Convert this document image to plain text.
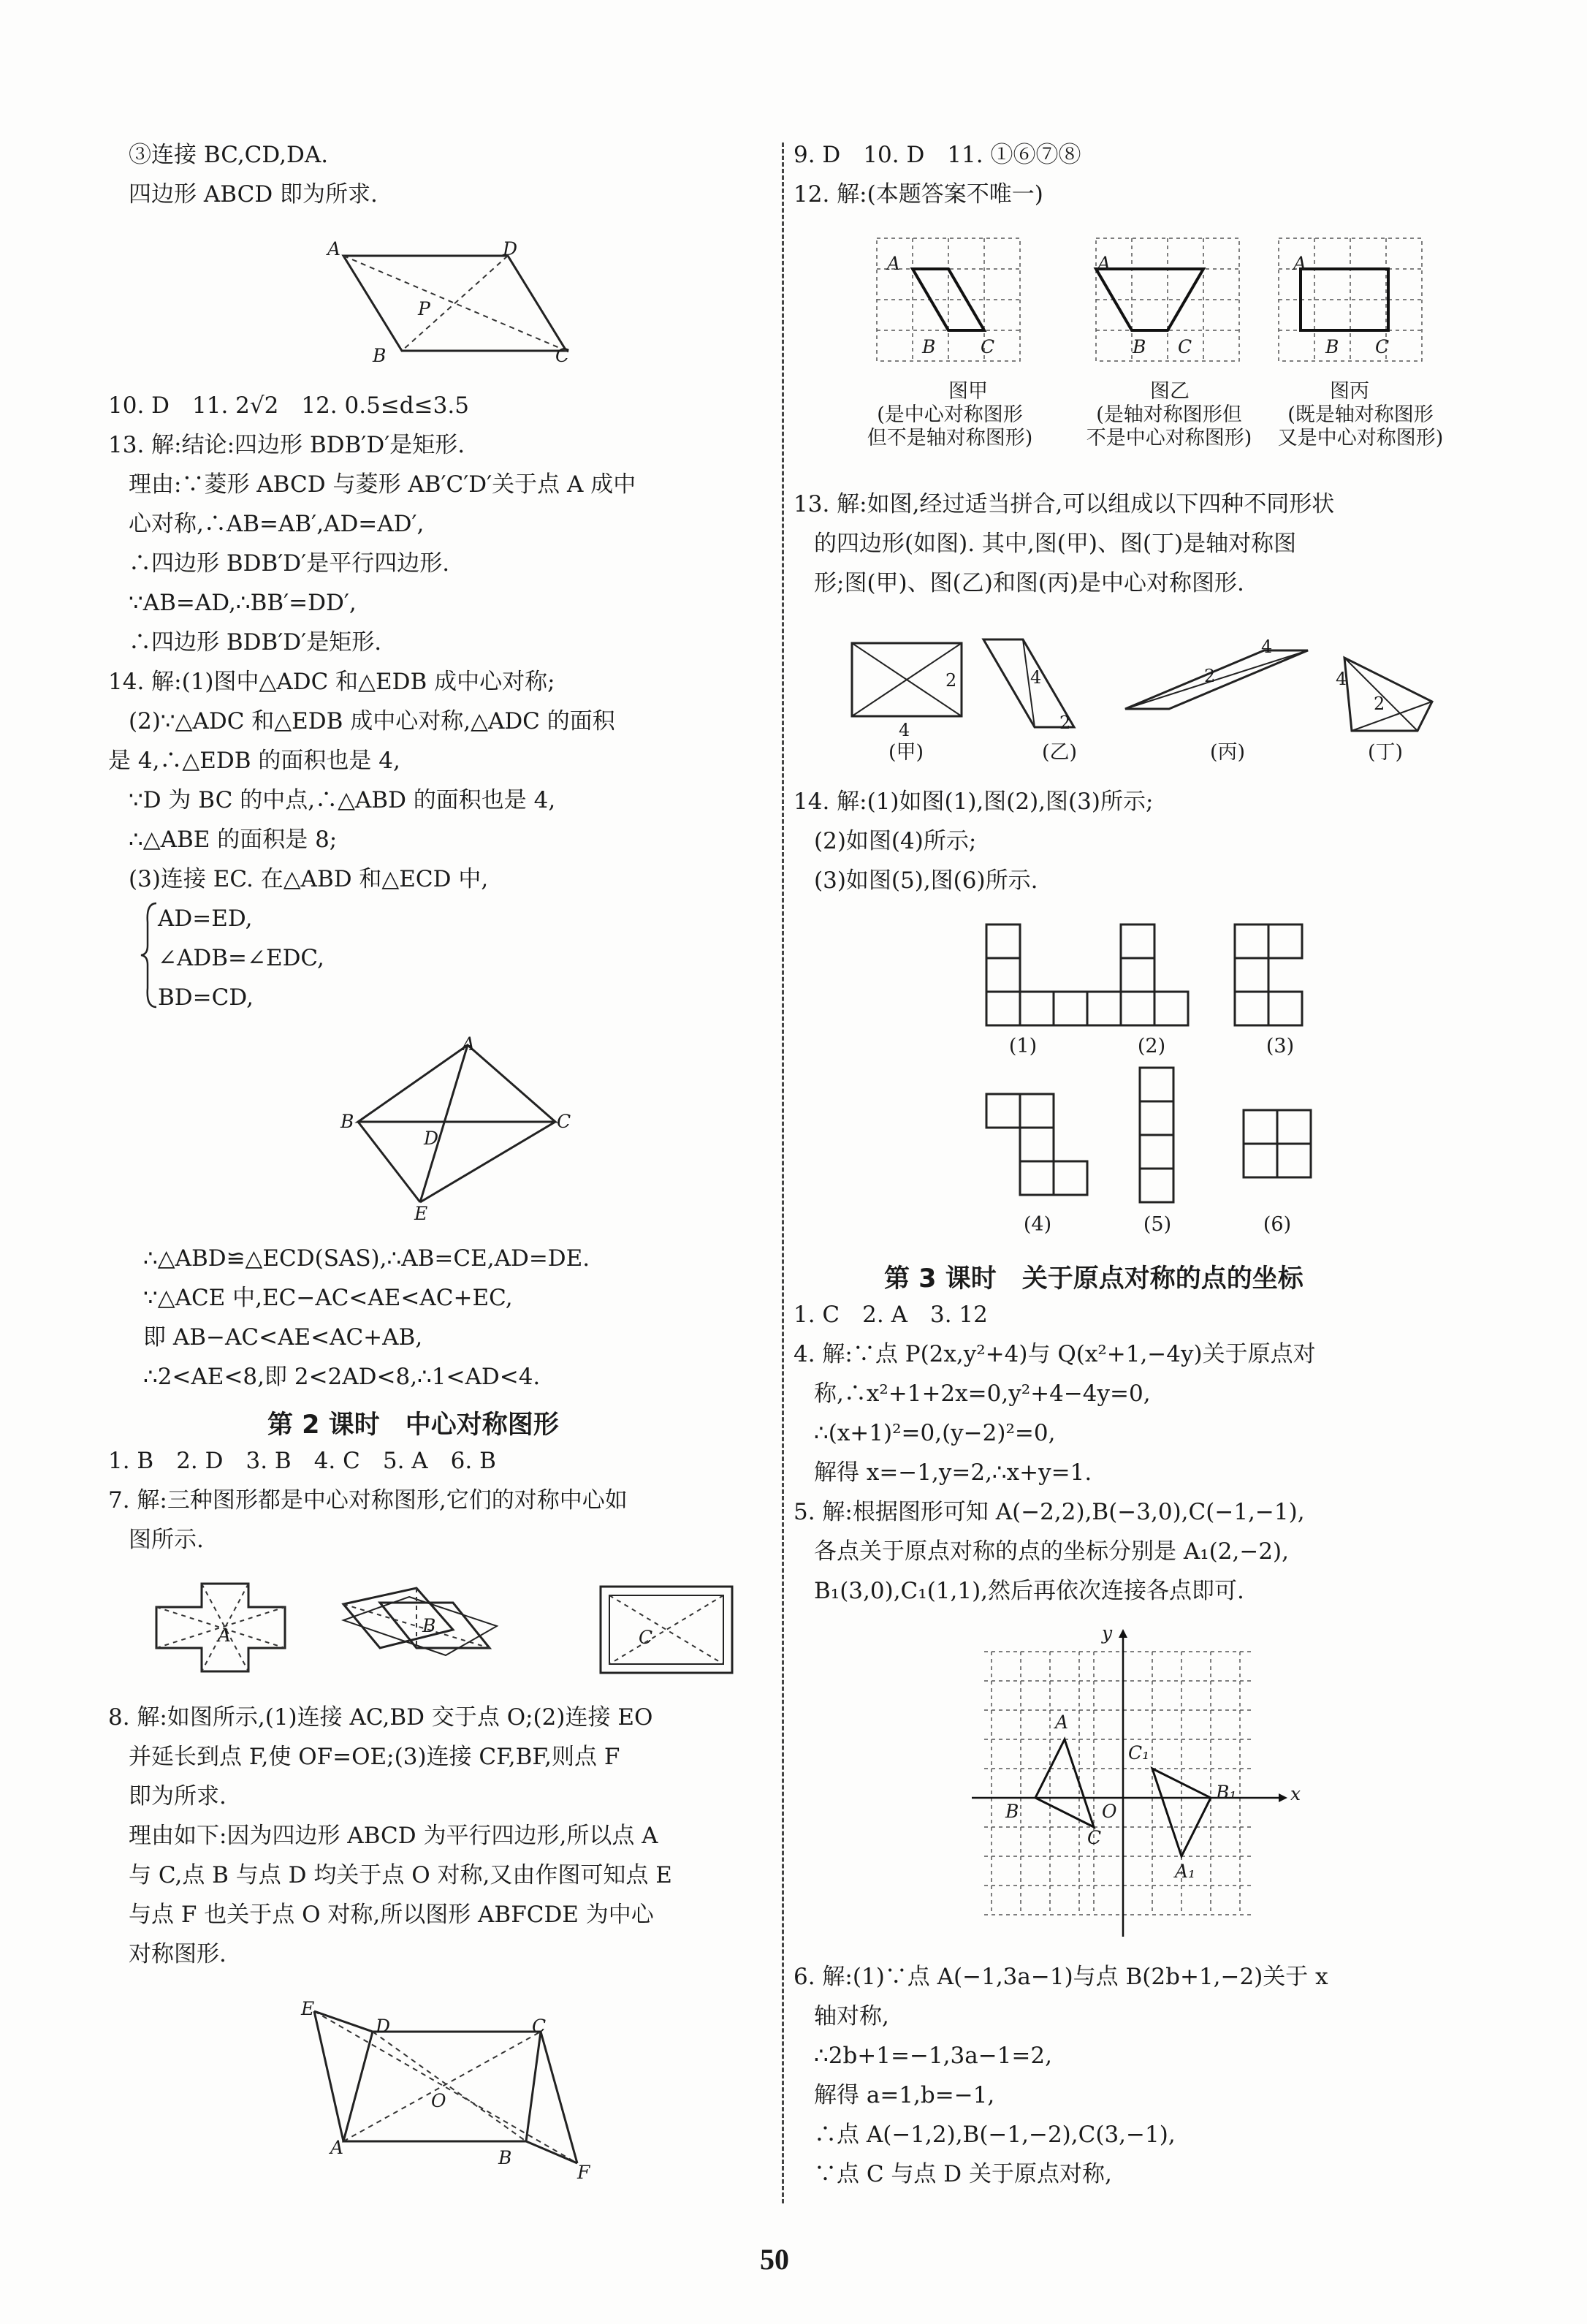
③连接 BC,CD,DA.
四边形 ABCD 即为所求.
A	D
B	C
P
10. D　11. 2√2　12. 0.5≤d≤3.5
13. 解:结论:四边形 BDB′D′是矩形.
理由:∵菱形 ABCD 与菱形 AB′C′D′关于点 A 成中
心对称,∴AB=AB′,AD=AD′,
∴四边形 BDB′D′是平行四边形.
∵AB=AD,∴BB′=DD′,
∴四边形 BDB′D′是矩形.
14. 解:(1)图中△ADC 和△EDB 成中心对称;
(2)∵△ADC 和△EDB 成中心对称,△ADC 的面积
是 4,∴△EDB 的面积也是 4,
∵D 为 BC 的中点,∴△ABD 的面积也是 4,
∴△ABE 的面积是 8;
(3)连接 EC. 在△ABD 和△ECD 中,
AD=ED,
∠ADB=∠EDC,
BD=CD,
A
B	C
D
E
∴△ABD≌△ECD(SAS),∴AB=CE,AD=DE.
∵△ACE 中,EC−AC<AE<AC+EC,
即 AB−AC<AE<AC+AB,
∴2<AE<8,即 2<2AD<8,∴1<AD<4.
第 2 课时　中心对称图形
1. B　2. D　3. B　4. C　5. A　6. B
7. 解:三种图形都是中心对称图形,它们的对称中心如
图所示.
A	B
C
8. 解:如图所示,(1)连接 AC,BD 交于点 O;(2)连接 EO
并延长到点 F,使 OF=OE;(3)连接 CF,BF,则点 F
即为所求.
理由如下:因为四边形 ABCD 为平行四边形,所以点 A
与 C,点 B 与点 D 均关于点 O 对称,又由作图可知点 E
与点 F 也关于点 O 对称,所以图形 ABFCDE 为中心
对称图形.
E
D	C
O
A	B
F
9. D　10. D　11. ①⑥⑦⑧
12. 解:(本题答案不唯一)
A
B C
A
B C
A
B C
图甲	图乙	图丙
(是中心对称图形
但不是轴对称图形)
(是轴对称图形但
不是中心对称图形)
(既是轴对称图形
又是中心对称图形)
13. 解:如图,经过适当拼合,可以组成以下四种不同形状
的四边形(如图). 其中,图(甲)、图(丁)是轴对称图
形;图(甲)、图(乙)和图(丙)是中心对称图形.
2
4
4
2
2
4
4
2
(甲)	(乙)	(丙)	(丁)
14. 解:(1)如图(1),图(2),图(3)所示;
(2)如图(4)所示;
(3)如图(5),图(6)所示.
(1)	(2)	(3)
(4)	(5)	(6)
第 3 课时　关于原点对称的点的坐标
1. C　2. A　3. 12
4. 解:∵点 P(2x,y²+4)与 Q(x²+1,−4y)关于原点对
称,∴x²+1+2x=0,y²+4−4y=0,
∴(x+1)²=0,(y−2)²=0,
解得 x=−1,y=2,∴x+y=1.
5. 解:根据图形可知 A(−2,2),B(−3,0),C(−1,−1),
各点关于原点对称的点的坐标分别是 A₁(2,−2),
B₁(3,0),C₁(1,1),然后再依次连接各点即可.
y
x
A
B
C
O
C₁
B₁
A₁
6. 解:(1)∵点 A(−1,3a−1)与点 B(2b+1,−2)关于 x
轴对称,
∴2b+1=−1,3a−1=2,
解得 a=1,b=−1,
∴点 A(−1,2),B(−1,−2),C(3,−1),
∵点 C 与点 D 关于原点对称,
50
